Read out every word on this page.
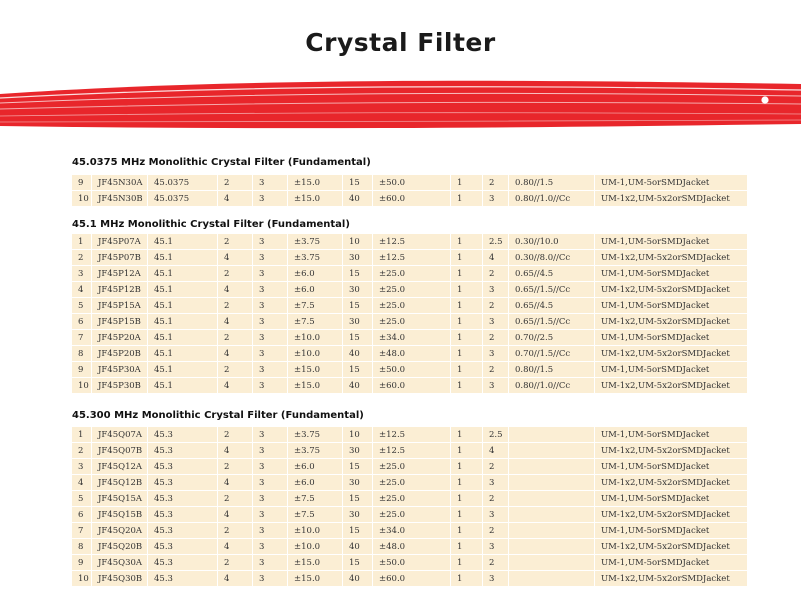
Crystal Filter
45.0375 MHz Monolithic Crystal Filter (Fundamental)
9	JF45N30A	45.0375	2	3	±15.0	15	±50.0	1	2	0.80//1.5	UM-1,UM-5orSMDJacket
10	JF45N30B	45.0375	4	3	±15.0	40	±60.0	1	3	0.80//1.0//Cc	UM-1x2,UM-5x2orSMDJacket
45.1 MHz Monolithic Crystal Filter (Fundamental)
1	JF45P07A	45.1	2	3	±3.75	10	±12.5	1	2.5	0.30//10.0	UM-1,UM-5orSMDJacket
2	JF45P07B	45.1	4	3	±3.75	30	±12.5	1	4	0.30//8.0//Cc	UM-1x2,UM-5x2orSMDJacket
3	JF45P12A	45.1	2	3	±6.0	15	±25.0	1	2	0.65//4.5	UM-1,UM-5orSMDJacket
4	JF45P12B	45.1	4	3	±6.0	30	±25.0	1	3	0.65//1.5//Cc	UM-1x2,UM-5x2orSMDJacket
5	JF45P15A	45.1	2	3	±7.5	15	±25.0	1	2	0.65//4.5	UM-1,UM-5orSMDJacket
6	JF45P15B	45.1	4	3	±7.5	30	±25.0	1	3	0.65//1.5//Cc	UM-1x2,UM-5x2orSMDJacket
7	JF45P20A	45.1	2	3	±10.0	15	±34.0	1	2	0.70//2.5	UM-1,UM-5orSMDJacket
8	JF45P20B	45.1	4	3	±10.0	40	±48.0	1	3	0.70//1.5//Cc	UM-1x2,UM-5x2orSMDJacket
9	JF45P30A	45.1	2	3	±15.0	15	±50.0	1	2	0.80//1.5	UM-1,UM-5orSMDJacket
10	JF45P30B	45.1	4	3	±15.0	40	±60.0	1	3	0.80//1.0//Cc	UM-1x2,UM-5x2orSMDJacket
45.300 MHz Monolithic Crystal Filter (Fundamental)
1	JF45Q07A	45.3	2	3	±3.75	10	±12.5	1	2.5		UM-1,UM-5orSMDJacket
2	JF45Q07B	45.3	4	3	±3.75	30	±12.5	1	4		UM-1x2,UM-5x2orSMDJacket
3	JF45Q12A	45.3	2	3	±6.0	15	±25.0	1	2		UM-1,UM-5orSMDJacket
4	JF45Q12B	45.3	4	3	±6.0	30	±25.0	1	3		UM-1x2,UM-5x2orSMDJacket
5	JF45Q15A	45.3	2	3	±7.5	15	±25.0	1	2		UM-1,UM-5orSMDJacket
6	JF45Q15B	45.3	4	3	±7.5	30	±25.0	1	3		UM-1x2,UM-5x2orSMDJacket
7	JF45Q20A	45.3	2	3	±10.0	15	±34.0	1	2		UM-1,UM-5orSMDJacket
8	JF45Q20B	45.3	4	3	±10.0	40	±48.0	1	3		UM-1x2,UM-5x2orSMDJacket
9	JF45Q30A	45.3	2	3	±15.0	15	±50.0	1	2		UM-1,UM-5orSMDJacket
10	JF45Q30B	45.3	4	3	±15.0	40	±60.0	1	3		UM-1x2,UM-5x2orSMDJacket
